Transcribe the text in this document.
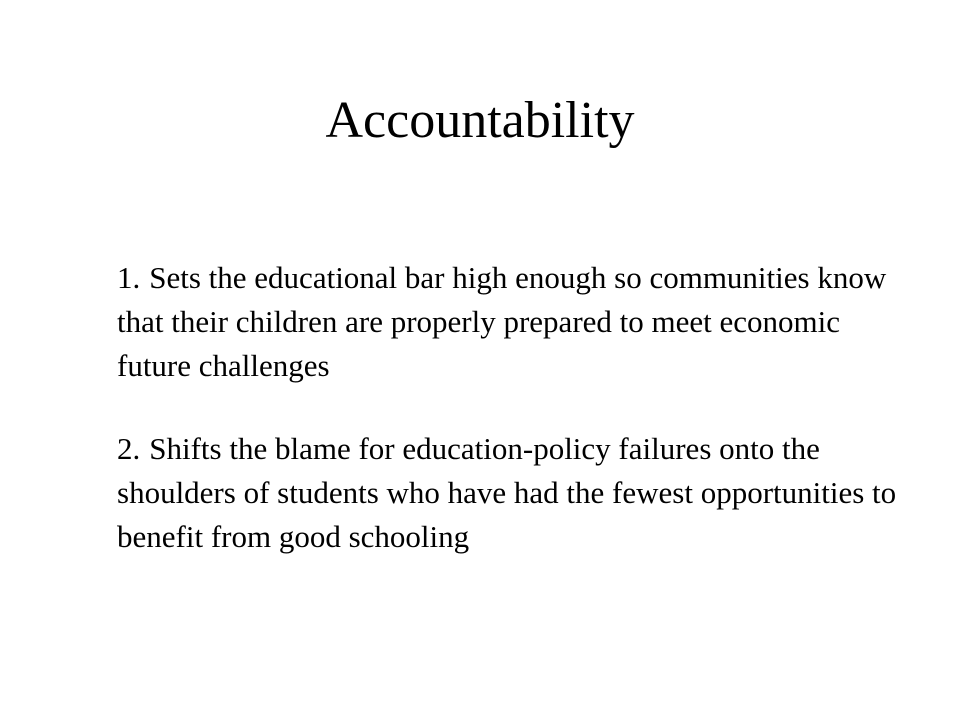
Accountability
1. Sets the educational bar high enough so communities know that their children are properly prepared to meet economic future challenges
2. Shifts the blame for education-policy failures onto the shoulders of students who have had the fewest opportunities to benefit from good schooling
